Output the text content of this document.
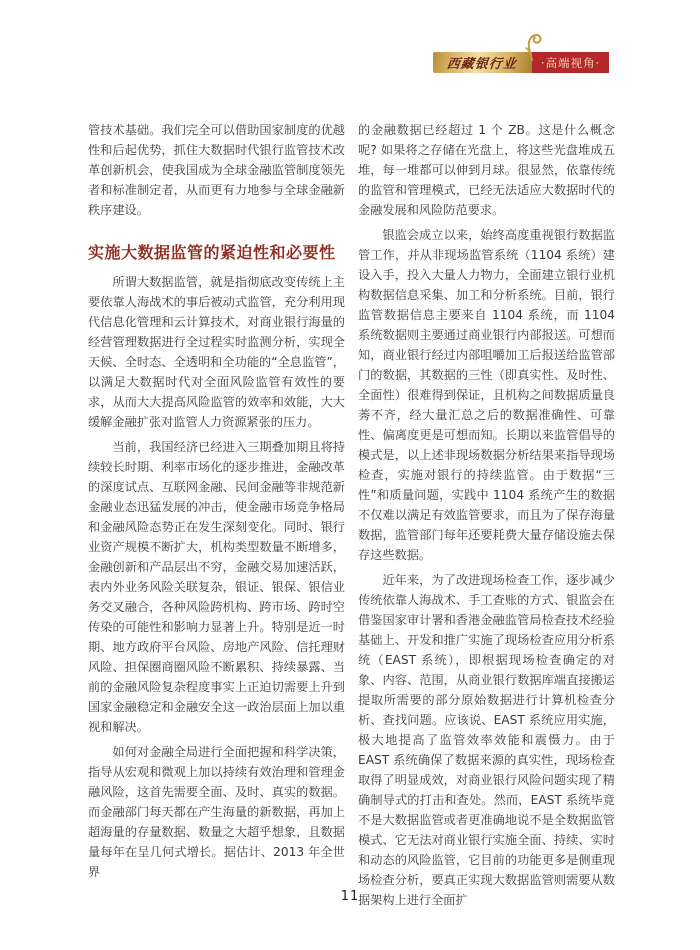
西藏银行业 ·高端视角·

管技术基础。我们完全可以借助国家制度的优越性和后起优势，抓住大数据时代银行监管技术改革创新机会，使我国成为全球金融监管制度领先者和标准制定者，从而更有力地参与全球金融新秩序建设。

实施大数据监管的紧迫性和必要性

所谓大数据监管，就是指彻底改变传统上主要依靠人海战术的事后被动式监管，充分利用现代信息化管理和云计算技术，对商业银行海量的经营管理数据进行全过程实时监测分析，实现全天候、全时态、全透明和全功能的“全息监管”，以满足大数据时代对全面风险监管有效性的要求，从而大大提高风险监管的效率和效能，大大缓解金融扩张对监管人力资源紧张的压力。

当前，我国经济已经进入三期叠加期且将持续较长时期、利率市场化的逐步推进，金融改革的深度试点、互联网金融、民间金融等非规范新金融业态迅猛发展的冲击，使金融市场竞争格局和金融风险态势正在发生深刻变化。同时、银行业资产规模不断扩大，机构类型数量不断增多，金融创新和产品层出不穷，金融交易加速活跃，表内外业务风险关联复杂，银证、银保、银信业务交叉融合，各种风险跨机构、跨市场、跨时空传染的可能性和影响力显著上升。特别是近一时期、地方政府平台风险、房地产风险、信托理财风险、担保圈商圈风险不断累积、持续暴露、当前的金融风险复杂程度事实上正迫切需要上升到国家金融稳定和金融安全这一政治层面上加以重视和解决。

如何对金融全局进行全面把握和科学决策，指导从宏观和微观上加以持续有效治理和管理金融风险，这首先需要全面、及时、真实的数据。而金融部门每天都在产生海量的新数据，再加上超海量的存量数据、数量之大超乎想象，且数据量每年在呈几何式增长。据估计、2013 年全世界

的金融数据已经超过 1 个 ZB。这是什么概念呢? 如果将之存储在光盘上，将这些光盘堆成五堆，每一堆都可以伸到月球。很显然，依靠传统的监管和管理模式，已经无法适应大数据时代的金融发展和风险防范要求。

银监会成立以来，始终高度重视银行数据监管工作，并从非现场监管系统（1104 系统）建设入手，投入大量人力物力，全面建立银行业机构数据信息采集、加工和分析系统。目前，银行监管数据信息主要来自 1104 系统，而 1104 系统数据则主要通过商业银行内部报送。可想而知，商业银行经过内部咀嚼加工后报送给监管部门的数据，其数据的三性（即真实性、及时性、全面性）很难得到保证，且机构之间数据质量良莠不齐，经大量汇总之后的数据准确性、可靠性、偏离度更是可想而知。长期以来监管倡导的模式是，以上述非现场数据分析结果来指导现场检查，实施对银行的持续监管。由于数据“三性”和质量问题，实践中 1104 系统产生的数据不仅难以满足有效监管要求，而且为了保存海量数据，监管部门每年还要耗费大量存储设施去保存这些数据。

近年来，为了改进现场检查工作，逐步减少传统依靠人海战术、手工查账的方式、银监会在借鉴国家审计署和香港金融监管局检查技术经验基础上、开发和推广实施了现场检查应用分析系统（EAST 系统），即根据现场检查确定的对象、内容、范围，从商业银行数据库端直接搬运提取所需要的部分原始数据进行计算机检查分析、查找问题。应该说、EAST 系统应用实施，极大地提高了监管效率效能和震慑力。由于 EAST 系统确保了数据来源的真实性，现场检查取得了明显成效，对商业银行风险问题实现了精确制导式的打击和查处。然而，EAST 系统毕竟不是大数据监管或者更准确地说不是全数据监管模式、它无法对商业银行实施全面、持续、实时和动态的风险监管，它目前的功能更多是侧重现场检查分析，要真正实现大数据监管则需要从数据架构上进行全面扩

11
